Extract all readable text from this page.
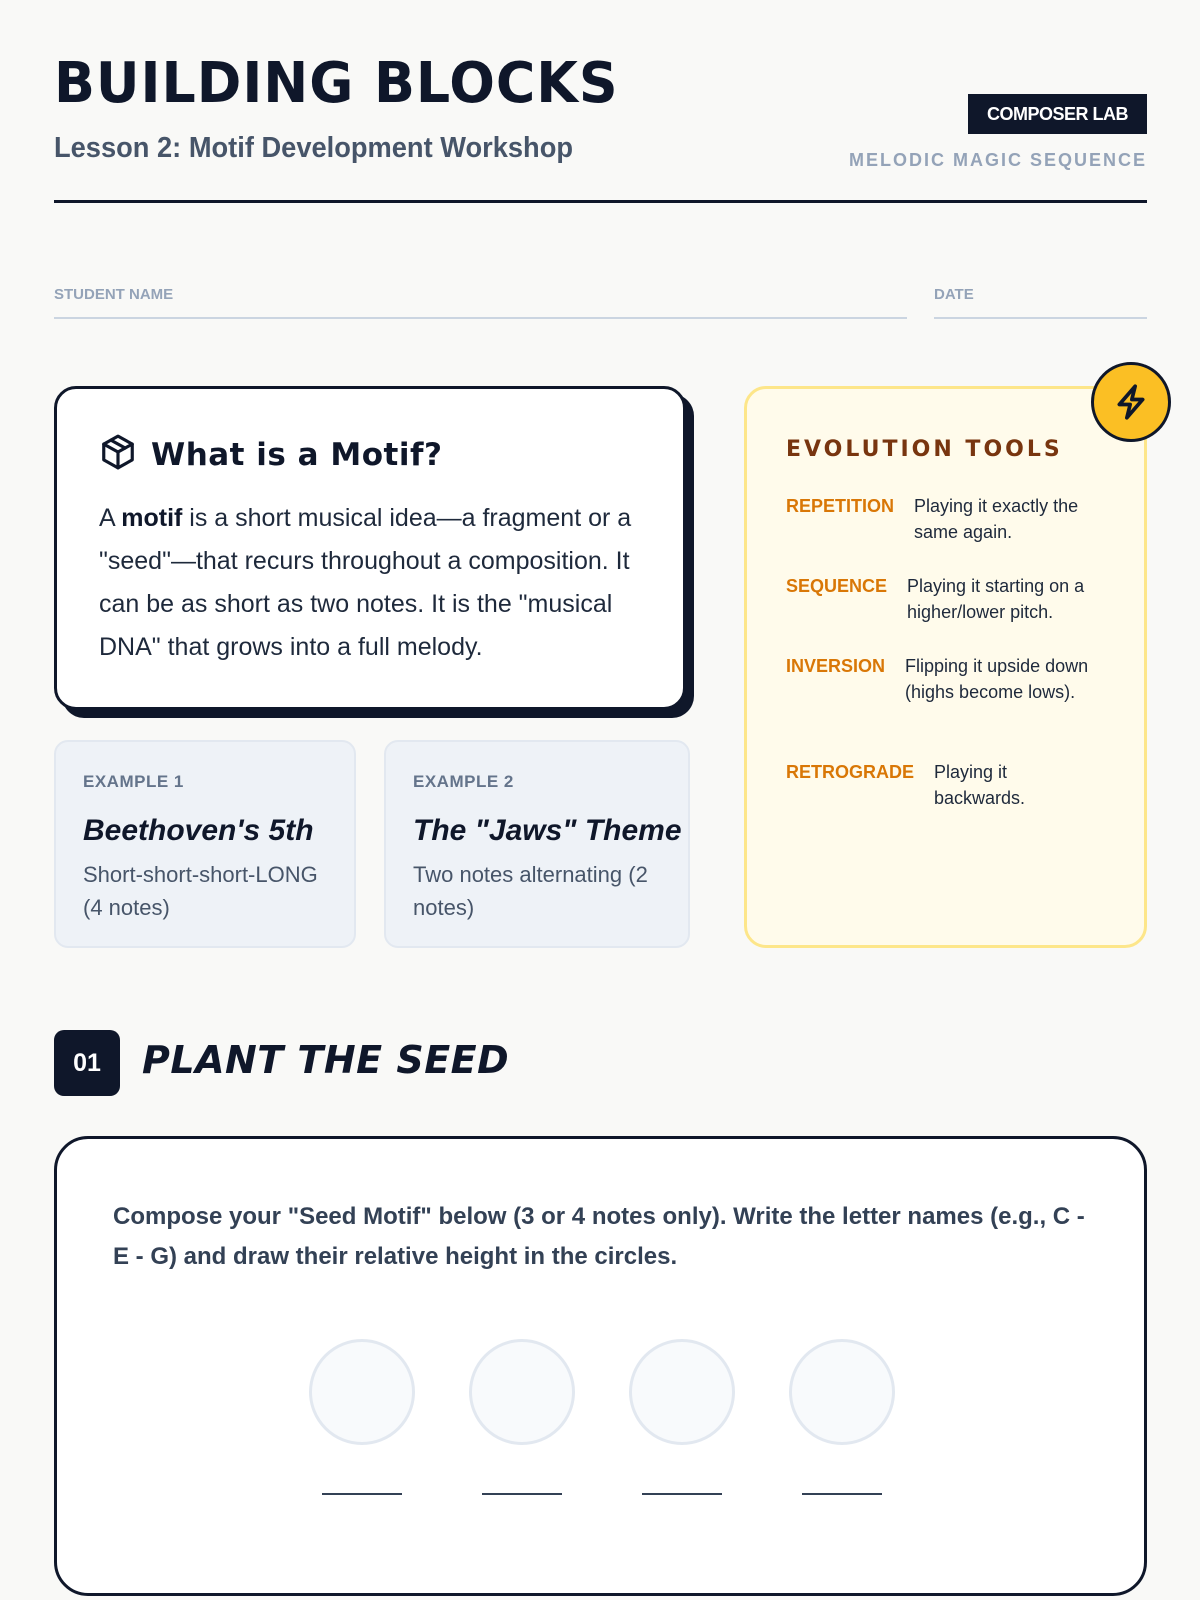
BUILDING BLOCKS
Lesson 2: Motif Development Workshop
COMPOSER LAB
MELODIC MAGIC SEQUENCE
STUDENT NAME	DATE
What is a Motif?

A motif is a short musical idea—a fragment or a "seed"—that recurs throughout a composition. It can be as short as two notes. It is the "musical DNA" that grows into a full melody.

EXAMPLE 1
Beethoven's 5th
Short-short-short-LONG (4 notes)
EXAMPLE 2
The "Jaws" Theme
Two notes alternating (2 notes)
EVOLUTION TOOLS
REPETITION Playing it exactly the same again.
SEQUENCE Playing it starting on a higher/lower pitch.
INVERSION Flipping it upside down (highs become lows).
RETROGRADE Playing it backwards.
01	PLANT THE SEED

Compose your "Seed Motif" below (3 or 4 notes only). Write the letter names (e.g., C - E - G) and draw their relative height in the circles.
